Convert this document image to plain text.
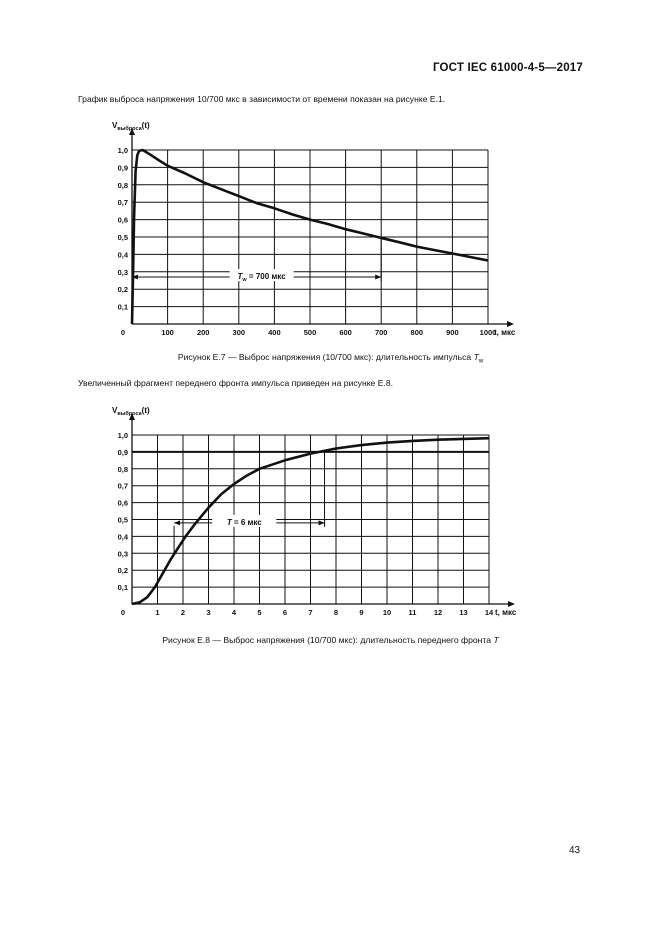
ГОСТ IEC 61000-4-5—2017
График выброса напряжения 10/700 мкс в зависимости от времени показан на рисунке Е.1.
0	100	200	300	400	500	600	700	800	900	1000
0,1
0,2
0,3
0,4
0,5
0,6
0,7
0,8
0,9
1,0
$V_{выброса}(t)$
t, мкс
$T_w = 700$ мкс
Рисунок Е.7 — Выброс напряжения (10/700 мкс): длительность импульса $T_w$
Увеличенный фрагмент переднего фронта импульса приведен на рисунке Е.8.
0	1	2	3	4	5	6	7	8	9	10 11 12 13 14
0,1
0,2
0,3
0,4
0,5
0,6
0,7
0,8
0,9
1,0
$V_{выброса}(t)$
t, мкс
T = 6 мкс
Рисунок Е.8 — Выброс напряжения (10/700 мкс): длительность переднего фронта T
43
